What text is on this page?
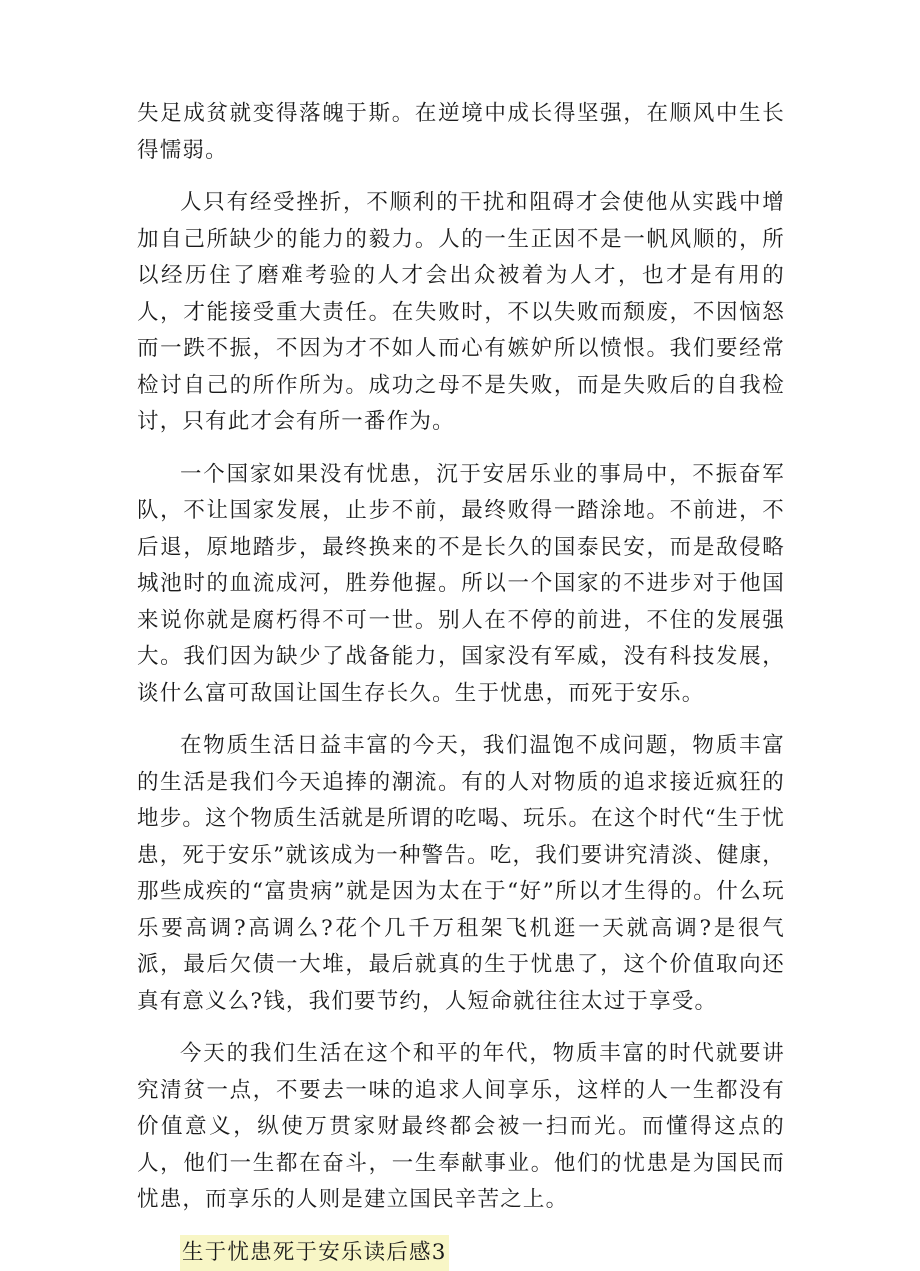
失足成贫就变得落魄于斯。在逆境中成长得坚强，在顺风中生长得懦弱。

人只有经受挫折，不顺利的干扰和阻碍才会使他从实践中增加自己所缺少的能力的毅力。人的一生正因不是一帆风顺的，所以经历住了磨难考验的人才会出众被着为人才，也才是有用的人，才能接受重大责任。在失败时，不以失败而颓废，不因恼怒而一跌不振，不因为才不如人而心有嫉妒所以愤恨。我们要经常检讨自己的所作所为。成功之母不是失败，而是失败后的自我检讨，只有此才会有所一番作为。

一个国家如果没有忧患，沉于安居乐业的事局中，不振奋军队，不让国家发展，止步不前，最终败得一踏涂地。不前进，不后退，原地踏步，最终换来的不是长久的国泰民安，而是敌侵略城池时的血流成河，胜券他握。所以一个国家的不进步对于他国来说你就是腐朽得不可一世。别人在不停的前进，不住的发展强大。我们因为缺少了战备能力，国家没有军威，没有科技发展，谈什么富可敌国让国生存长久。生于忧患，而死于安乐。

在物质生活日益丰富的今天，我们温饱不成问题，物质丰富的生活是我们今天追捧的潮流。有的人对物质的追求接近疯狂的地步。这个物质生活就是所谓的吃喝、玩乐。在这个时代“生于忧患，死于安乐”就该成为一种警告。吃，我们要讲究清淡、健康，那些成疾的“富贵病”就是因为太在于“好”所以才生得的。什么玩乐要高调?高调么?花个几千万租架飞机逛一天就高调?是很气派，最后欠债一大堆，最后就真的生于忧患了，这个价值取向还真有意义么?钱，我们要节约，人短命就往往太过于享受。

今天的我们生活在这个和平的年代，物质丰富的时代就要讲究清贫一点，不要去一味的追求人间享乐，这样的人一生都没有价值意义，纵使万贯家财最终都会被一扫而光。而懂得这点的人，他们一生都在奋斗，一生奉献事业。他们的忧患是为国民而忧患，而享乐的人则是建立国民辛苦之上。

生于忧患死于安乐读后感3
